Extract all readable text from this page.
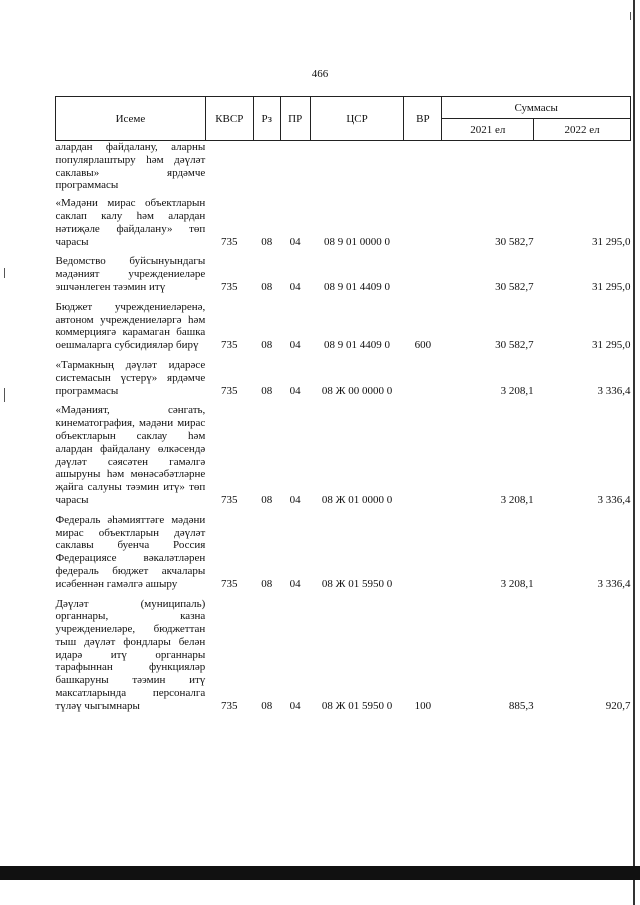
466
Исеме	КВСР	Рз	ПР	ЦСР	ВР	Суммасы	
						2021 ел	2022 ел
алардан файдалану, аларны популярлаштыру һәм дәүләт саклавы» ярдәмче программасы							
«Мәдәни мирас объектларын саклап калу һәм алардан нәтиҗәле файдалану» төп чарасы	735	08	04	08 9 01 0000 0		30 582,7	31 295,0
Ведомство буйсынуындагы мәдәният учреждениеләре эшчәнлеген тәэмин итү	735	08	04	08 9 01 4409 0		30 582,7	31 295,0
Бюджет учреждениеләренә, автоном учреждениеләргә һәм коммерциягә карамаган башка оешмаларга субсидияләр бирү	735	08	04	08 9 01 4409 0	600	30 582,7	31 295,0
«Тармакның дәүләт идарәсе системасын үстерү» ярдәмче программасы	735	08	04	08 Ж 00 0000 0		3 208,1	3 336,4
«Мәдәният, сәнгать, кинематография, мәдәни мирас объектларын саклау һәм алардан файдалану өлкәсендә дәүләт сәясәтен гамәлгә ашыруны һәм мөнәсәбәтләрне җайга салуны тәэмин итү» төп чарасы	735	08	04	08 Ж 01 0000 0		3 208,1	3 336,4
Федераль әһәмияттәге мәдәни мирас объектларын дәүләт саклавы буенча Россия Федерациясе вәкаләтләрен федераль бюджет акчалары исәбеннән гамәлгә ашыру	735	08	04	08 Ж 01 5950 0		3 208,1	3 336,4
Дәүләт (муниципаль) органнары, казна учреждениеләре, бюджеттан тыш дәүләт фондлары белән идарә итү органнары тарафыннан функцияләр башкаруны тәэмин итү максатларында персоналга түләү чыгымнары	735	08	04	08 Ж 01 5950 0	100	885,3	920,7
